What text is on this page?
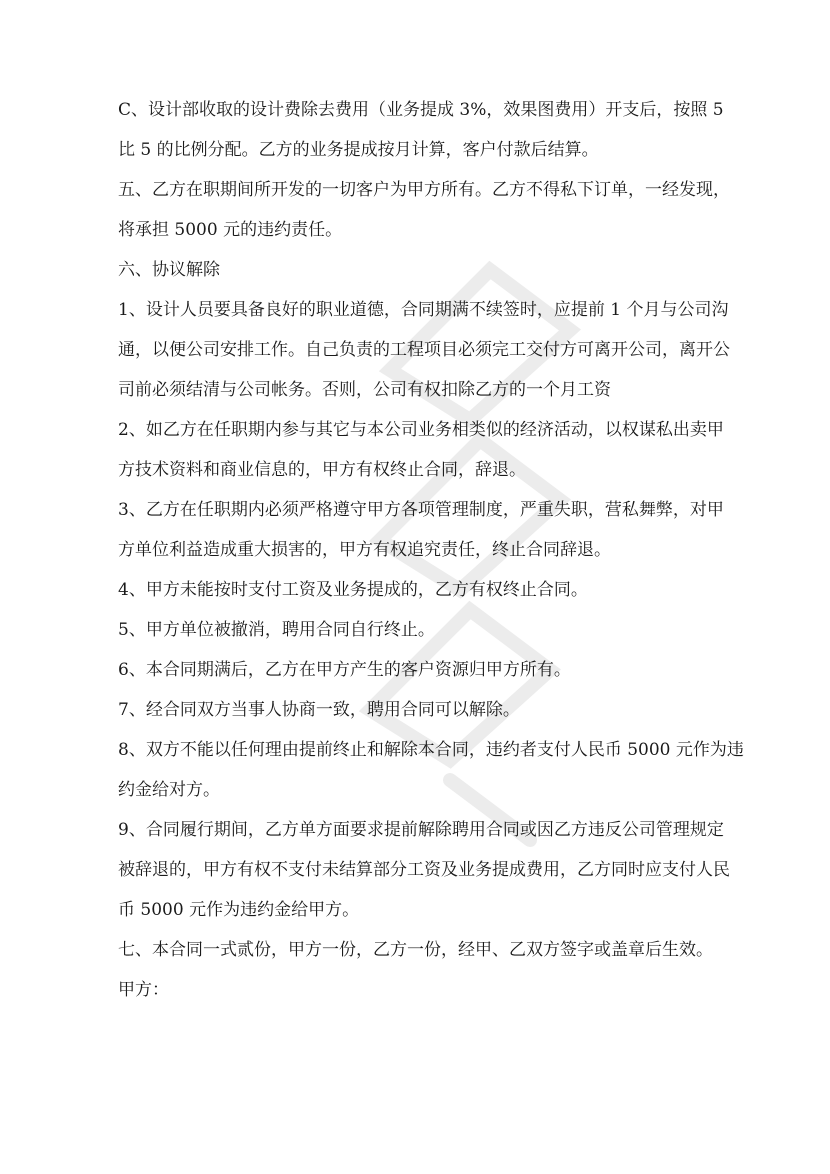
C、设计部收取的设计费除去费用（业务提成 3%，效果图费用）开支后，按照 5

比 5 的比例分配。乙方的业务提成按月计算，客户付款后结算。

五、乙方在职期间所开发的一切客户为甲方所有。乙方不得私下订单，一经发现，

将承担 5000 元的违约责任。

六、协议解除

1、设计人员要具备良好的职业道德，合同期满不续签时，应提前 1 个月与公司沟

通，以便公司安排工作。自己负责的工程项目必须完工交付方可离开公司，离开公

司前必须结清与公司帐务。否则，公司有权扣除乙方的一个月工资

2、如乙方在任职期内参与其它与本公司业务相类似的经济活动，以权谋私出卖甲

方技术资料和商业信息的，甲方有权终止合同，辞退。

3、乙方在任职期内必须严格遵守甲方各项管理制度，严重失职，营私舞弊，对甲

方单位利益造成重大损害的，甲方有权追究责任，终止合同辞退。

4、甲方未能按时支付工资及业务提成的，乙方有权终止合同。

5、甲方单位被撤消，聘用合同自行终止。

6、本合同期满后，乙方在甲方产生的客户资源归甲方所有。

7、经合同双方当事人协商一致，聘用合同可以解除。

8、双方不能以任何理由提前终止和解除本合同，违约者支付人民币 5000 元作为违

约金给对方。

9、合同履行期间，乙方单方面要求提前解除聘用合同或因乙方违反公司管理规定

被辞退的，甲方有权不支付未结算部分工资及业务提成费用，乙方同时应支付人民

币 5000 元作为违约金给甲方。

七、本合同一式贰份，甲方一份，乙方一份，经甲、乙双方签字或盖章后生效。

甲方：
